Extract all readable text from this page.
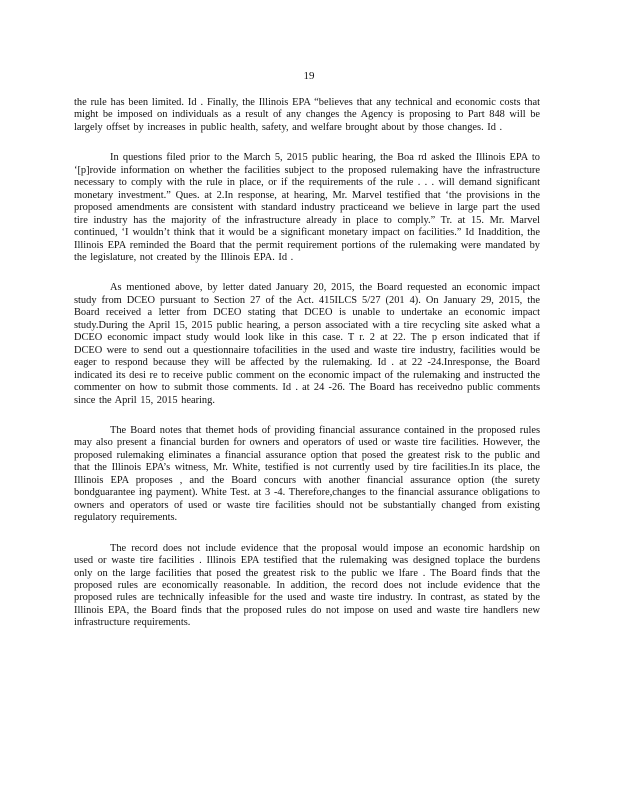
19

the rule has been limited. Id . Finally, the Illinois EPA “believes that any technical and economic costs that might be imposed on individuals as a result of any changes the Agency is proposing to Part 848 will be largely offset by increases in public health, safety, and welfare brought about by those changes. Id .

In questions filed prior to the March 5, 2015 public hearing, the Boa rd asked the Illinois EPA to ‘[p]rovide information on whether the facilities subject to the proposed rulemaking have the infrastructure necessary to comply with the rule in place, or if the requirements of the rule . . . will demand significant monetary investment.” Ques. at 2.In response, at hearing, Mr. Marvel testified that ‘the provisions in the proposed amendments are consistent with standard industry practiceand we believe in large part the used tire industry has the majority of the infrastructure already in place to comply.” Tr. at 15. Mr. Marvel continued, ‘I wouldn’t think that it would be a significant monetary impact on facilities.” Id Inaddition, the Illinois EPA reminded the Board that the permit requirement portions of the rulemaking were mandated by the legislature, not created by the Illinois EPA. Id .

As mentioned above, by letter dated January 20, 2015, the Board requested an economic impact study from DCEO pursuant to Section 27 of the Act. 415ILCS 5/27 (201 4). On January 29, 2015, the Board received a letter from DCEO stating that DCEO is unable to undertake an economic impact study.During the April 15, 2015 public hearing, a person associated with a tire recycling site asked what a DCEO economic impact study would look like in this case. T r. 2 at 22. The p erson indicated that if DCEO were to send out a questionnaire tofacilities in the used and waste tire industry, facilities would be eager to respond because they will be affected by the rulemaking. Id . at 22 -24.Inresponse, the Board indicated its desi re to receive public comment on the economic impact of the rulemaking and instructed the commenter on how to submit those comments. Id . at 24 -26. The Board has receivedno public comments since the April 15, 2015 hearing.

The Board notes that themet hods of providing financial assurance contained in the proposed rules may also present a financial burden for owners and operators of used or waste tire facilities. However, the proposed rulemaking eliminates a financial assurance option that posed the greatest risk to the public and that the Illinois EPA’s witness, Mr. White, testified is not currently used by tire facilities.In its place, the Illinois EPA proposes , and the Board concurs with another financial assurance option (the surety bondguarantee ing payment). White Test. at 3 -4. Therefore,changes to the financial assurance obligations to owners and operators of used or waste tire facilities should not be substantially changed from existing regulatory requirements.

The record does not include evidence that the proposal would impose an economic hardship on used or waste tire facilities . Illinois EPA testified that the rulemaking was designed toplace the burdens only on the large facilities that posed the greatest risk to the public we lfare . The Board finds that the proposed rules are economically reasonable. In addition, the record does not include evidence that the proposed rules are technically infeasible for the used and waste tire industry. In contrast, as stated by the Illinois EPA, the Board finds that the proposed rules do not impose on used and waste tire handlers new infrastructure requirements.
